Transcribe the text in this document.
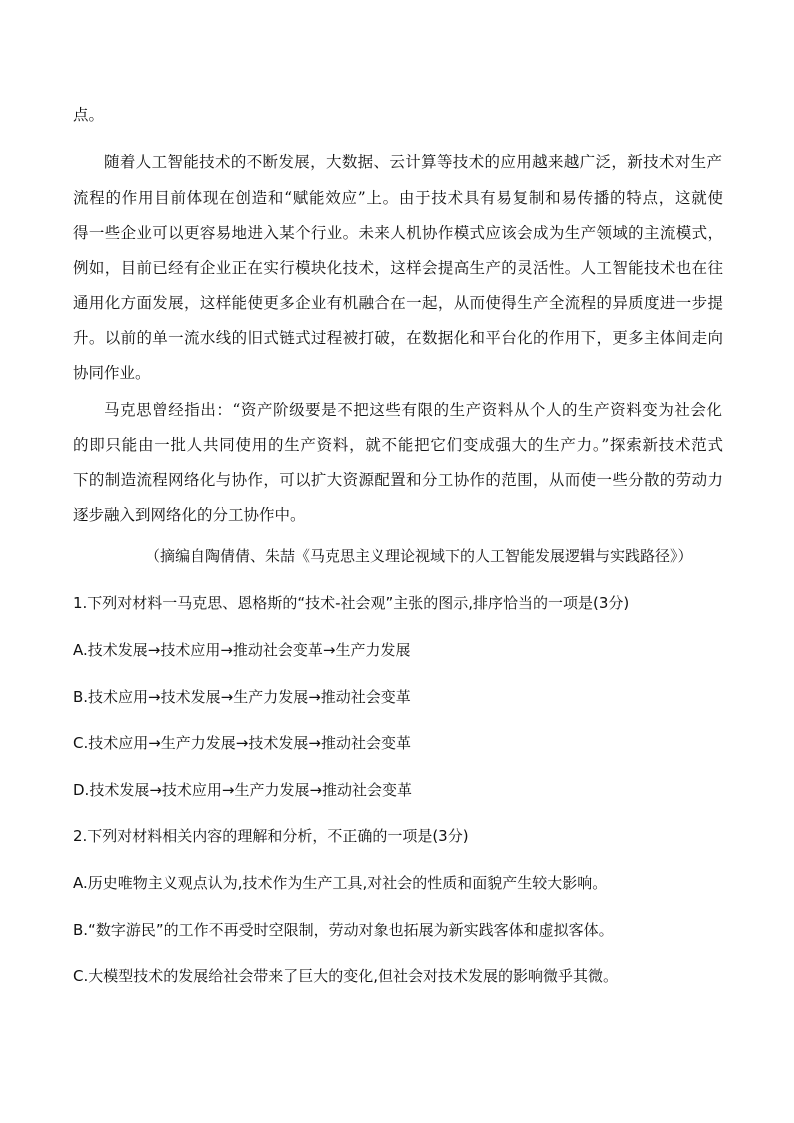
点。
随着人工智能技术的不断发展，大数据、云计算等技术的应用越来越广泛，新技术对生产
流程的作用目前体现在创造和“赋能效应”上。由于技术具有易复制和易传播的特点，这就使
得一些企业可以更容易地进入某个行业。未来人机协作模式应该会成为生产领域的主流模式，
例如，目前已经有企业正在实行模块化技术，这样会提高生产的灵活性。人工智能技术也在往
通用化方面发展，这样能使更多企业有机融合在一起，从而使得生产全流程的异质度进一步提
升。以前的单一流水线的旧式链式过程被打破，在数据化和平台化的作用下，更多主体间走向
协同作业。
马克思曾经指出：“资产阶级要是不把这些有限的生产资料从个人的生产资料变为社会化
的即只能由一批人共同使用的生产资料，就不能把它们变成强大的生产力。”探索新技术范式
下的制造流程网络化与协作，可以扩大资源配置和分工协作的范围，从而使一些分散的劳动力
逐步融入到网络化的分工协作中。
（摘编自陶倩倩、朱喆《马克思主义理论视域下的人工智能发展逻辑与实践路径》）
1.下列对材料一马克思、恩格斯的“技术-社会观”主张的图示,排序恰当的一项是(3分)
A.技术发展→技术应用→推动社会变革→生产力发展
B.技术应用→技术发展→生产力发展→推动社会变革
C.技术应用→生产力发展→技术发展→推动社会变革
D.技术发展→技术应用→生产力发展→推动社会变革
2.下列对材料相关内容的理解和分析，不正确的一项是(3分)
A.历史唯物主义观点认为,技术作为生产工具,对社会的性质和面貌产生较大影响。
B.“数字游民”的工作不再受时空限制，劳动对象也拓展为新实践客体和虚拟客体。
C.大模型技术的发展给社会带来了巨大的变化,但社会对技术发展的影响微乎其微。
